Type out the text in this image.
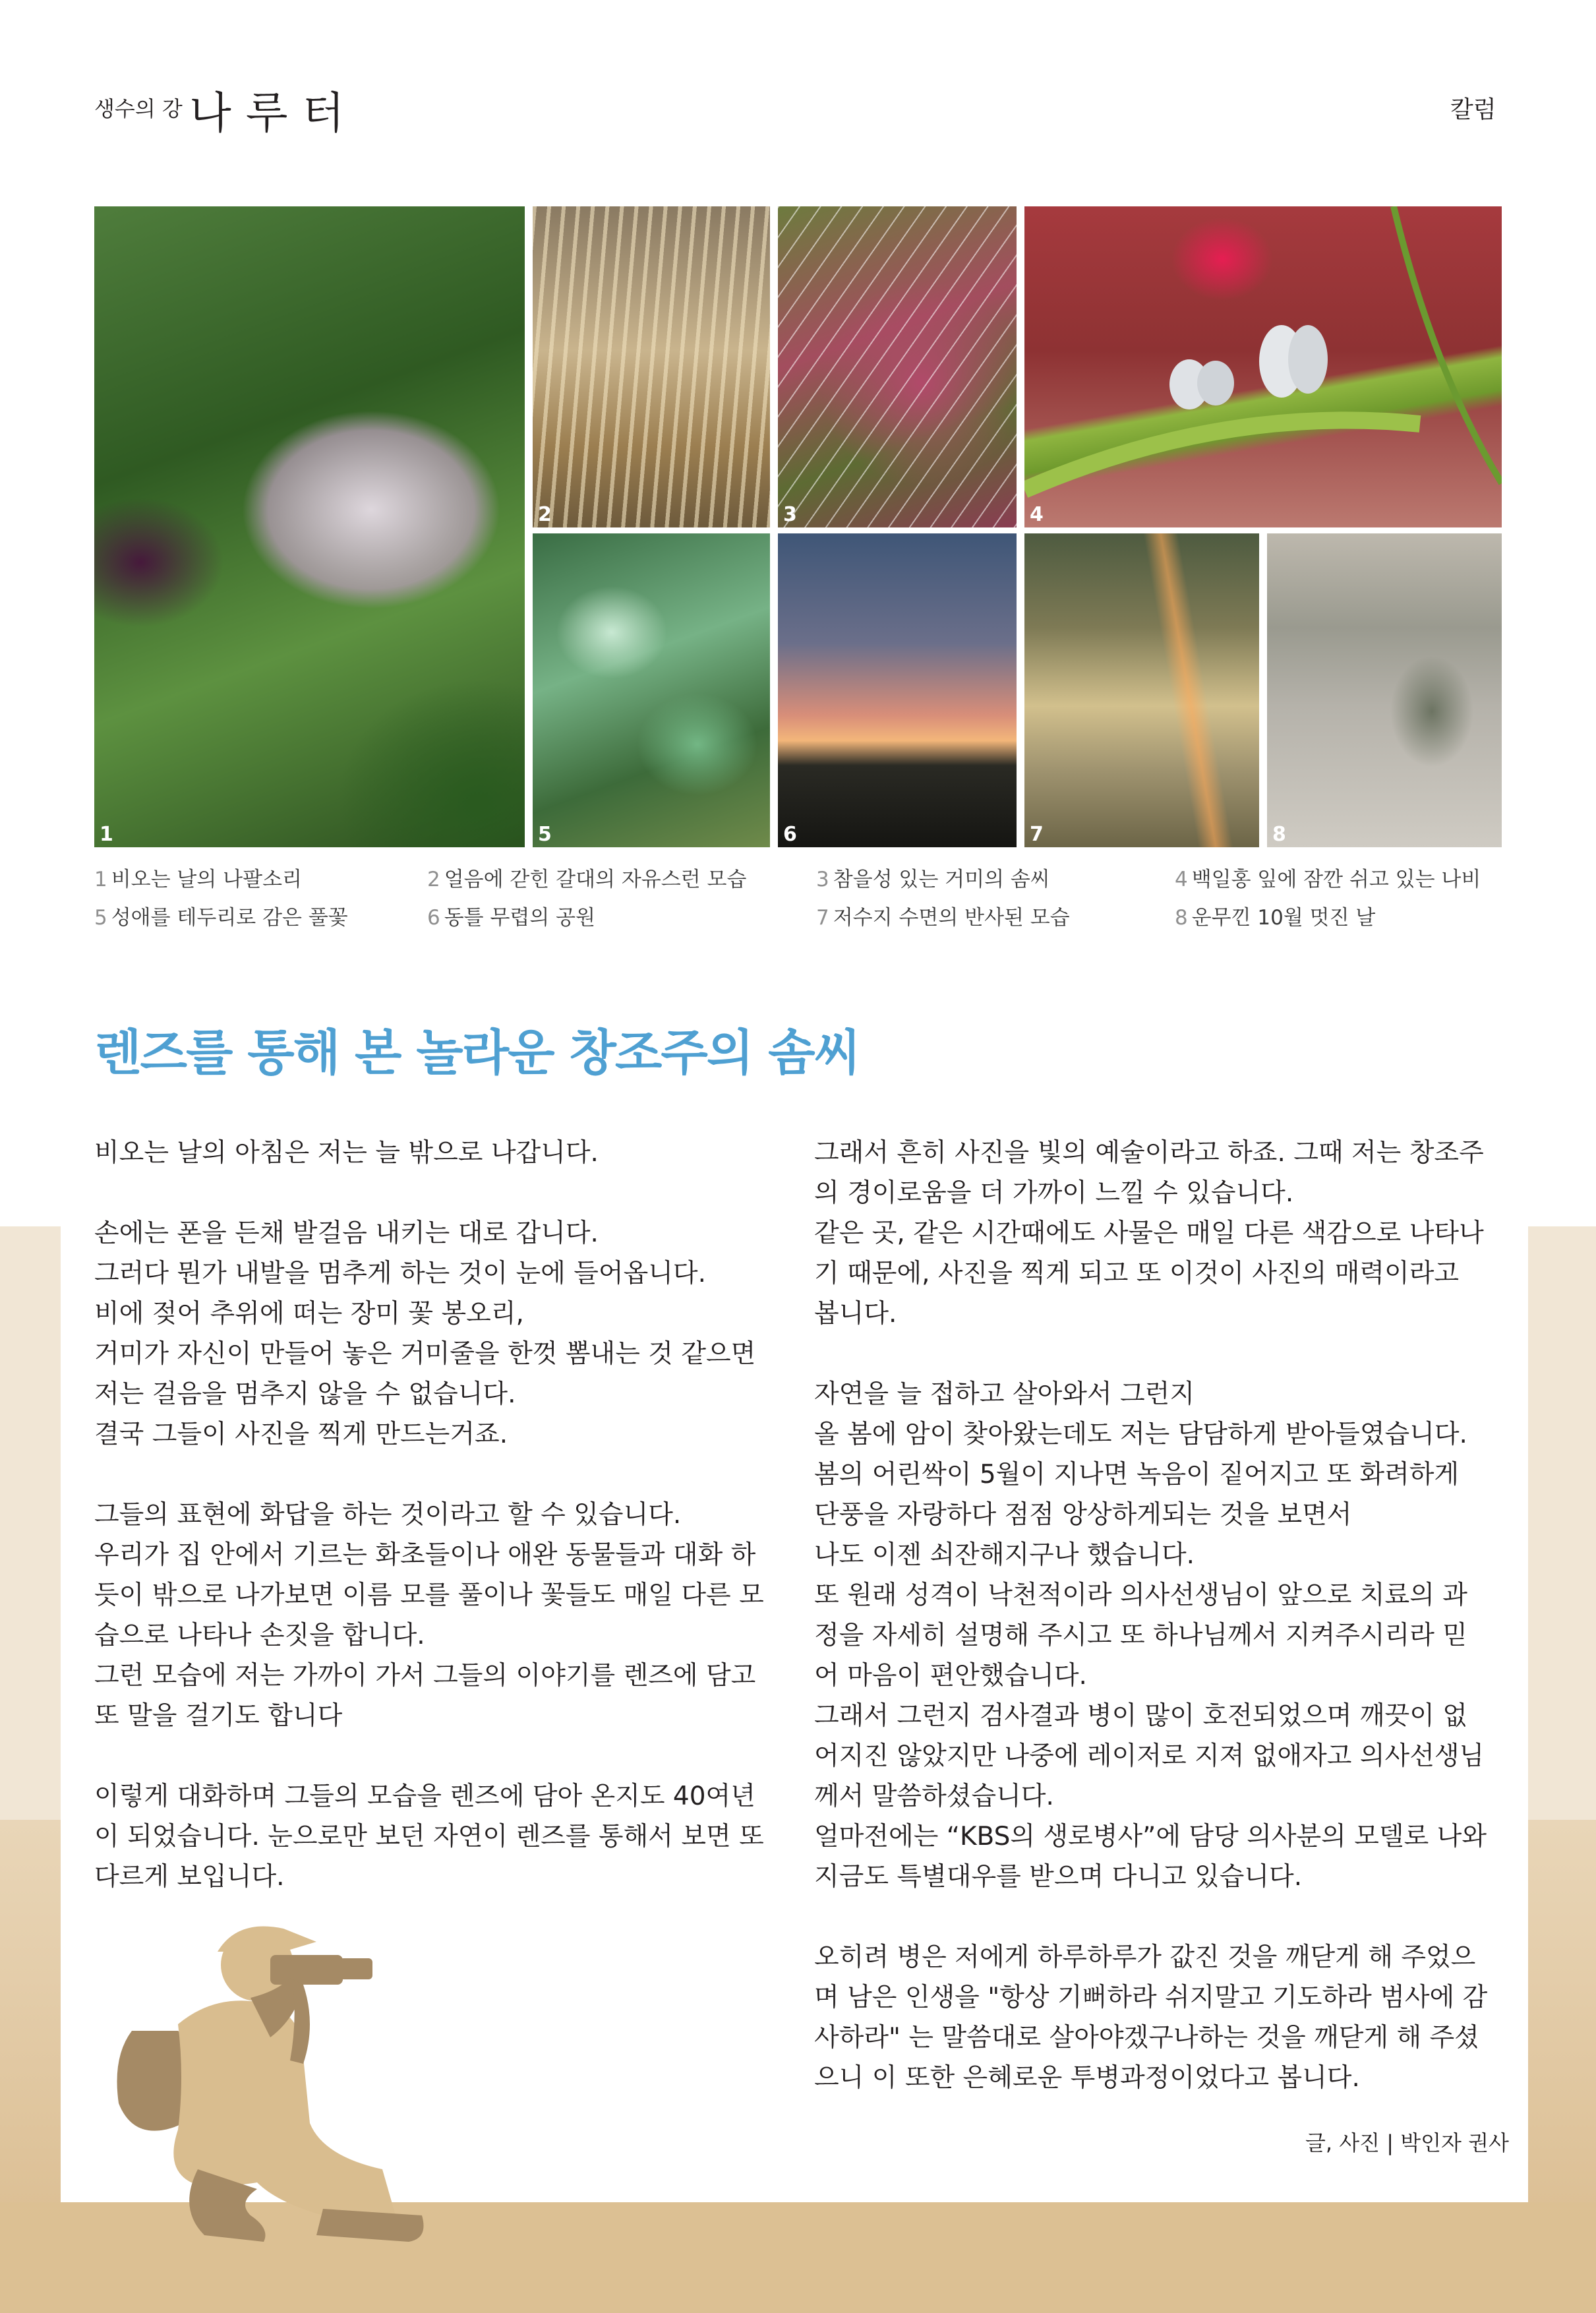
생수의 강 나루터	칼럼
1
2	3	4
5	6	7	8
1 비오는 날의 나팔소리	2 얼음에 갇힌 갈대의 자유스런 모습	3 참을성 있는 거미의 솜씨	4 백일홍 잎에 잠깐 쉬고 있는 나비
5 성애를 테두리로 감은 풀꽃	6 동틀 무렵의 공원	7 저수지 수면의 반사된 모습	8 운무낀 10월 멋진 날
렌즈를 통해 본 놀라운 창조주의 솜씨

비오는 날의 아침은 저는 늘 밖으로 나갑니다.

손에는 폰을 든채 발걸음 내키는 대로 갑니다.

그러다 뭔가 내발을 멈추게 하는 것이 눈에 들어옵니다.

비에 젖어 추위에 떠는 장미 꽃 봉오리,

거미가 자신이 만들어 놓은 거미줄을 한껏 뽐내는 것 같으면

저는 걸음을 멈추지 않을 수 없습니다.

결국 그들이 사진을 찍게 만드는거죠.

그들의 표현에 화답을 하는 것이라고 할 수 있습니다.

우리가 집 안에서 기르는 화초들이나 애완 동물들과 대화 하

듯이 밖으로 나가보면 이름 모를 풀이나 꽃들도 매일 다른 모

습으로 나타나 손짓을 합니다.

그런 모습에 저는 가까이 가서 그들의 이야기를 렌즈에 담고

또 말을 걸기도 합니다

이렇게 대화하며 그들의 모습을 렌즈에 담아 온지도 40여년

이 되었습니다. 눈으로만 보던 자연이 렌즈를 통해서 보면 또

다르게 보입니다.

그래서 흔히 사진을 빛의 예술이라고 하죠. 그때 저는 창조주

의 경이로움을 더 가까이 느낄 수 있습니다.

같은 곳, 같은 시간때에도 사물은 매일 다른 색감으로 나타나

기 때문에, 사진을 찍게 되고 또 이것이 사진의 매력이라고

봅니다.

자연을 늘 접하고 살아와서 그런지

올 봄에 암이 찾아왔는데도 저는 담담하게 받아들였습니다.

봄의 어린싹이 5월이 지나면 녹음이 짙어지고 또 화려하게

단풍을 자랑하다 점점 앙상하게되는 것을 보면서

나도 이젠 쇠잔해지구나 했습니다.

또 원래 성격이 낙천적이라 의사선생님이 앞으로 치료의 과

정을 자세히 설명해 주시고 또 하나님께서 지켜주시리라 믿

어 마음이 편안했습니다.

그래서 그런지 검사결과 병이 많이 호전되었으며 깨끗이 없

어지진 않았지만 나중에 레이저로 지져 없애자고 의사선생님

께서 말씀하셨습니다.

얼마전에는 “KBS의 생로병사”에 담당 의사분의 모델로 나와

지금도 특별대우를 받으며 다니고 있습니다.

오히려 병은 저에게 하루하루가 값진 것을 깨닫게 해 주었으

며 남은 인생을 "항상 기뻐하라 쉬지말고 기도하라 범사에 감

사하라" 는 말씀대로 살아야겠구나하는 것을 깨닫게 해 주셨

으니 이 또한 은혜로운 투병과정이었다고 봅니다.

글, 사진 | 박인자 권사
